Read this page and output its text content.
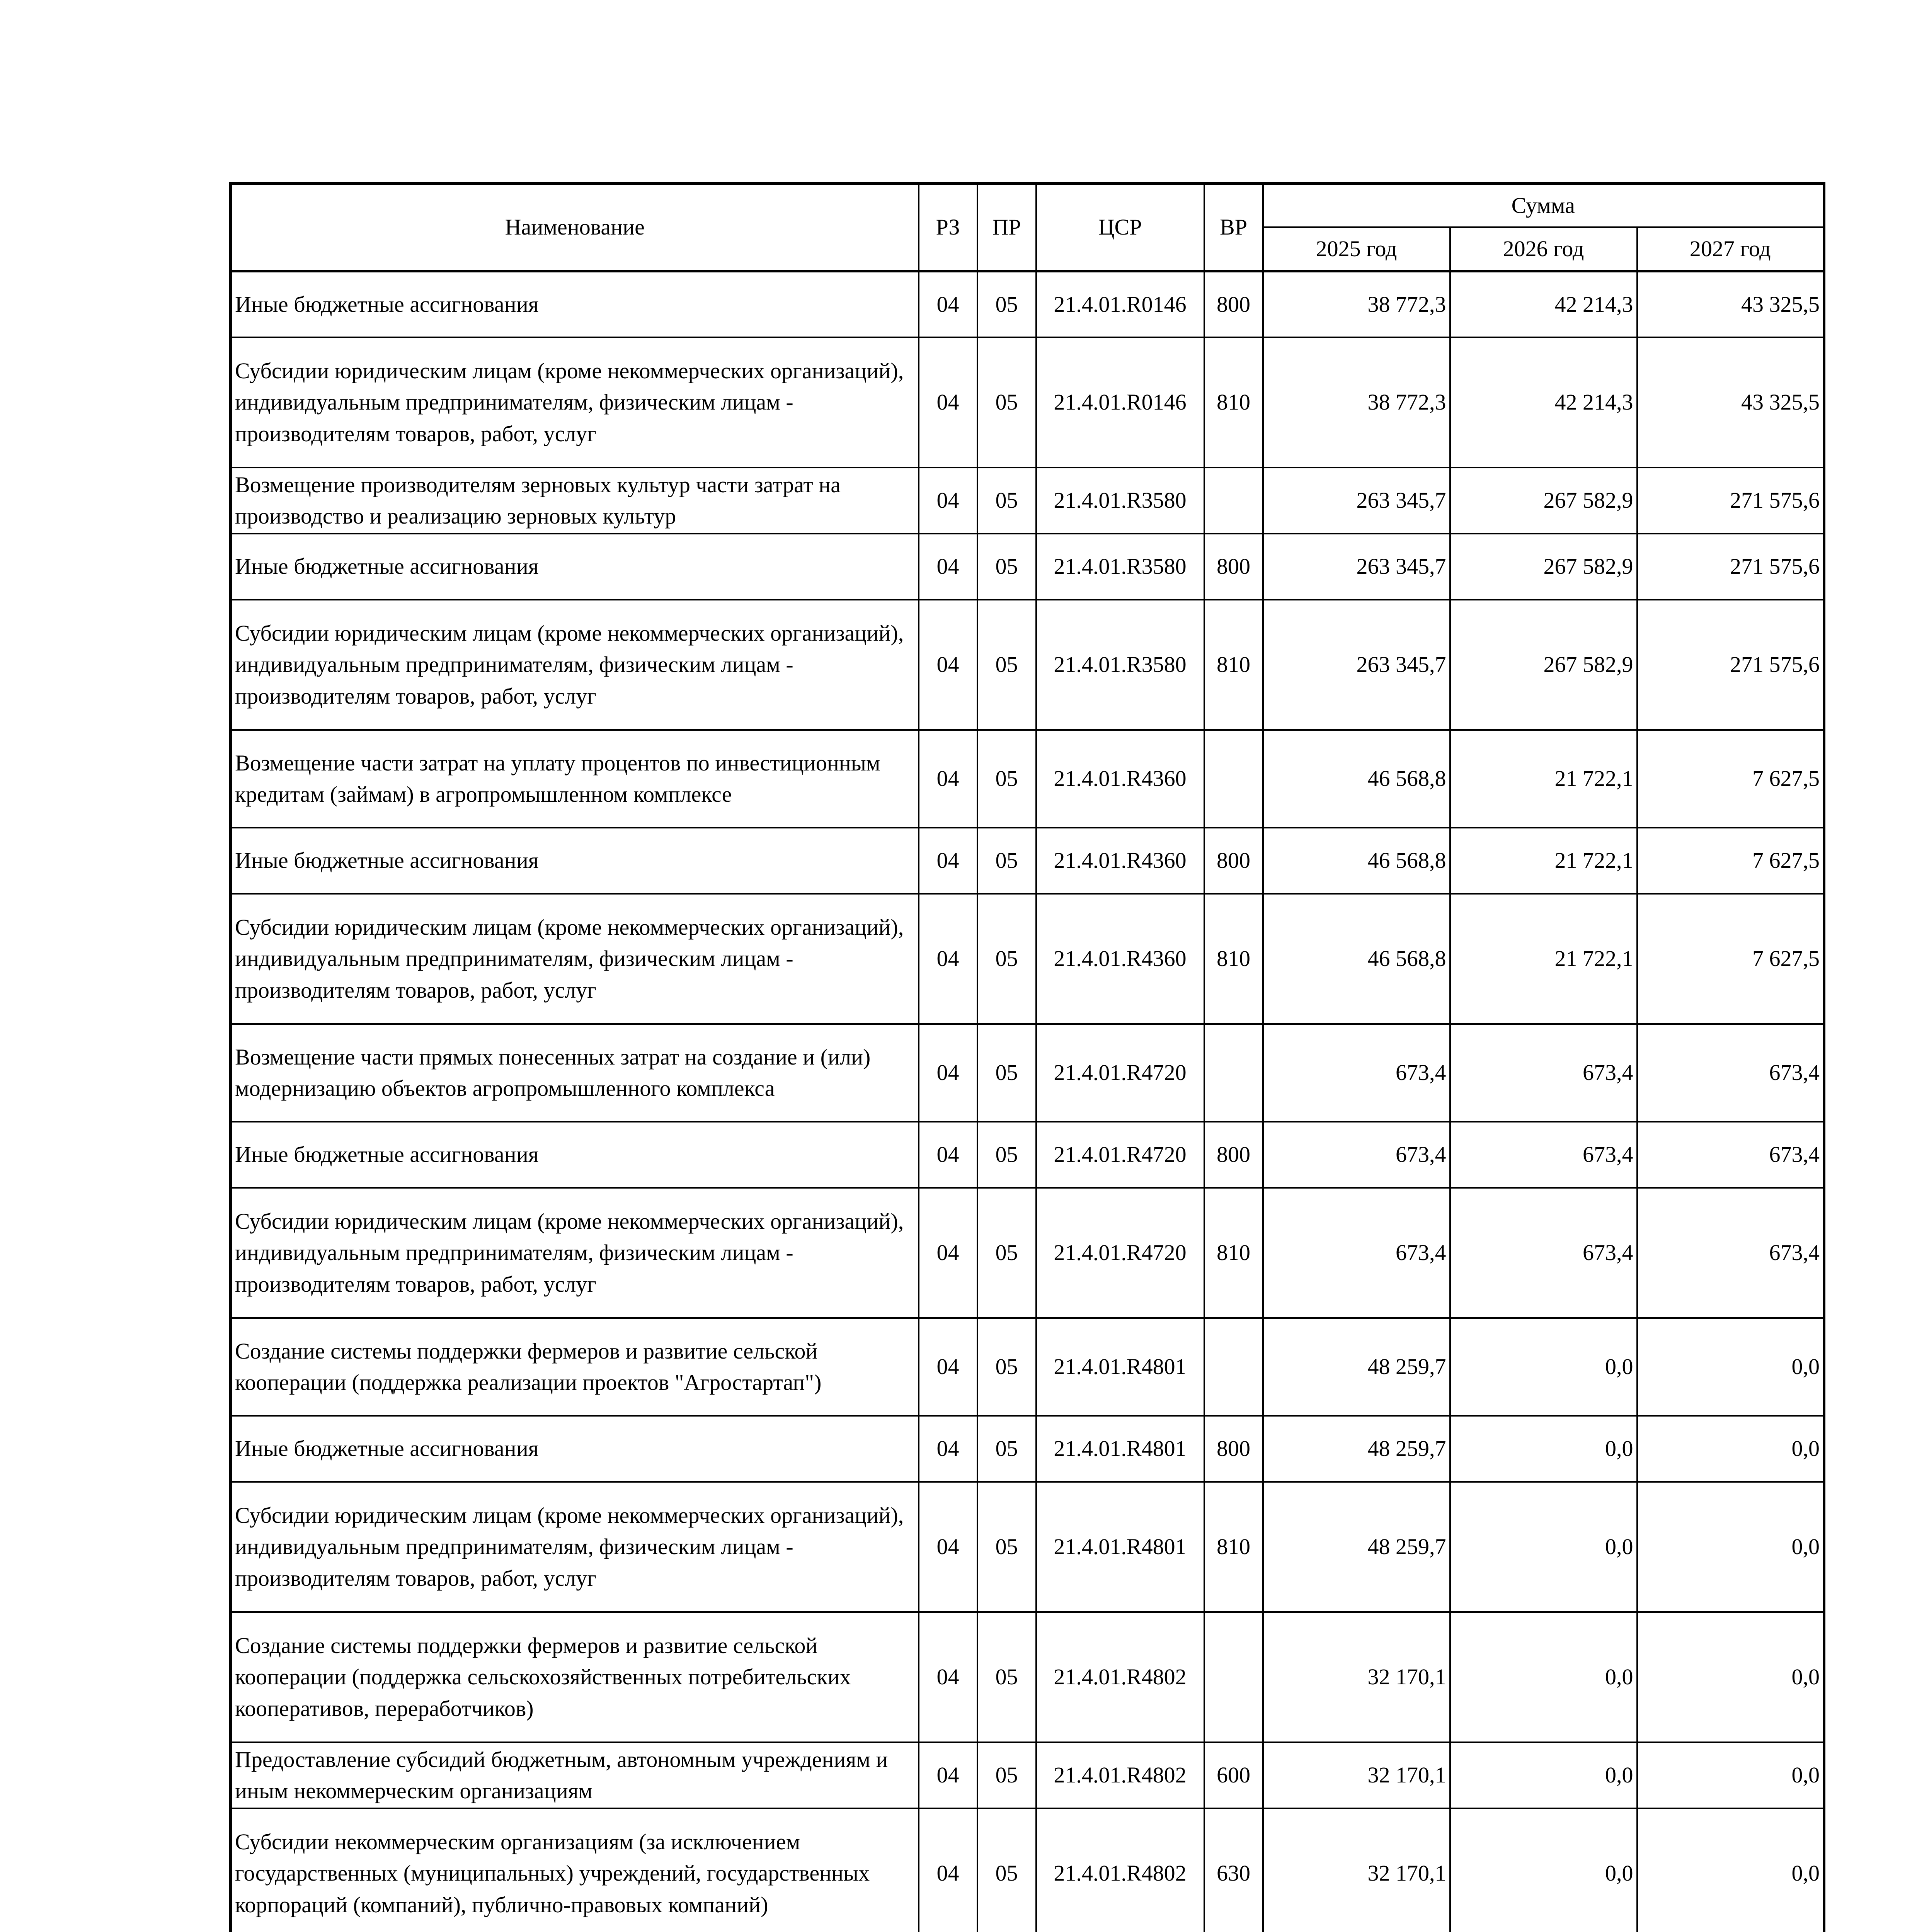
Наименование	РЗ	ПР	ЦСР	ВР	Сумма		
					2025 год	2026 год	2027 год
Иные бюджетные ассигнования	04	05	21.4.01.R0146	800	38 772,3	42 214,3	43 325,5
Субсидии юридическим лицам (кроме некоммерческих организаций), индивидуальным предпринимателям, физическим лицам - производителям товаров, работ, услуг	04	05	21.4.01.R0146	810	38 772,3	42 214,3	43 325,5
Возмещение производителям зерновых культур части затрат на производство и реализацию зерновых культур	04	05	21.4.01.R3580		263 345,7	267 582,9	271 575,6
Иные бюджетные ассигнования	04	05	21.4.01.R3580	800	263 345,7	267 582,9	271 575,6
Субсидии юридическим лицам (кроме некоммерческих организаций), индивидуальным предпринимателям, физическим лицам - производителям товаров, работ, услуг	04	05	21.4.01.R3580	810	263 345,7	267 582,9	271 575,6
Возмещение части затрат на уплату процентов по инвестиционным кредитам (займам) в агропромышленном комплексе	04	05	21.4.01.R4360		46 568,8	21 722,1	7 627,5
Иные бюджетные ассигнования	04	05	21.4.01.R4360	800	46 568,8	21 722,1	7 627,5
Субсидии юридическим лицам (кроме некоммерческих организаций), индивидуальным предпринимателям, физическим лицам - производителям товаров, работ, услуг	04	05	21.4.01.R4360	810	46 568,8	21 722,1	7 627,5
Возмещение части прямых понесенных затрат на создание и (или) модернизацию объектов агропромышленного комплекса	04	05	21.4.01.R4720		673,4	673,4	673,4
Иные бюджетные ассигнования	04	05	21.4.01.R4720	800	673,4	673,4	673,4
Субсидии юридическим лицам (кроме некоммерческих организаций), индивидуальным предпринимателям, физическим лицам - производителям товаров, работ, услуг	04	05	21.4.01.R4720	810	673,4	673,4	673,4
Создание системы поддержки фермеров и развитие сельской кооперации (поддержка реализации проектов "Агростартап")	04	05	21.4.01.R4801		48 259,7	0,0	0,0
Иные бюджетные ассигнования	04	05	21.4.01.R4801	800	48 259,7	0,0	0,0
Субсидии юридическим лицам (кроме некоммерческих организаций), индивидуальным предпринимателям, физическим лицам - производителям товаров, работ, услуг	04	05	21.4.01.R4801	810	48 259,7	0,0	0,0
Создание системы поддержки фермеров и развитие сельской кооперации (поддержка сельскохозяйственных потребительских кооперативов, переработчиков)	04	05	21.4.01.R4802		32 170,1	0,0	0,0
Предоставление субсидий бюджетным, автономным учреждениям и иным некоммерческим организациям	04	05	21.4.01.R4802	600	32 170,1	0,0	0,0
Субсидии некоммерческим организациям (за исключением государственных (муниципальных) учреждений, государственных корпораций (компаний), публично-правовых компаний)	04	05	21.4.01.R4802	630	32 170,1	0,0	0,0
